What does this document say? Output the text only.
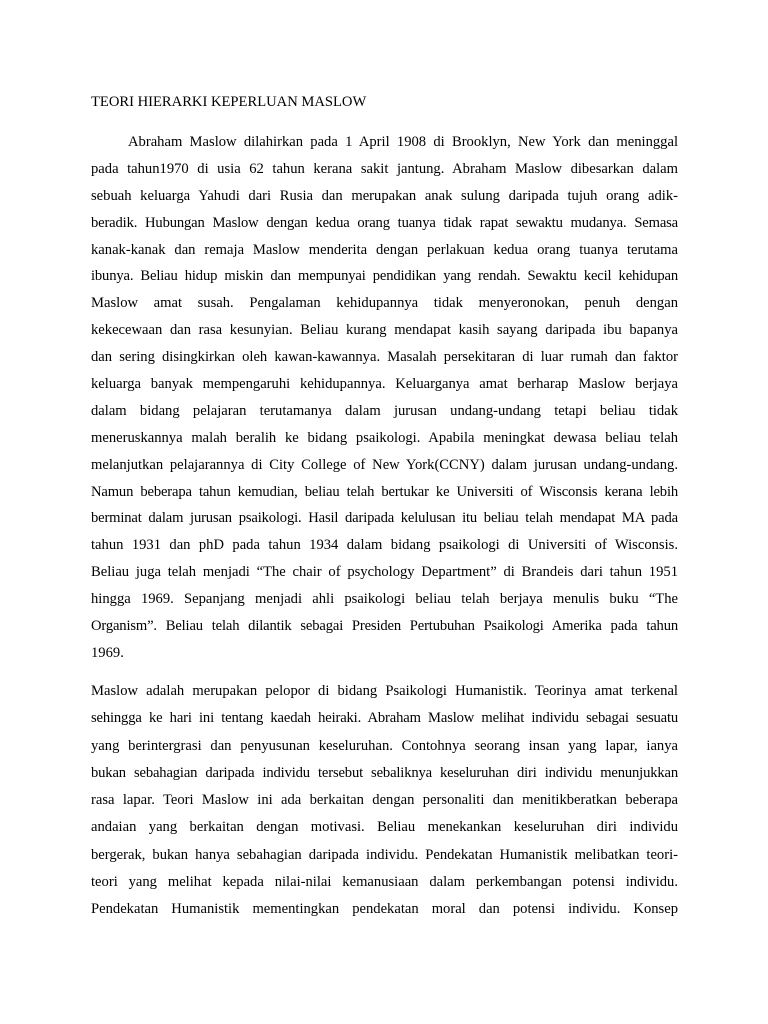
TEORI HIERARKI KEPERLUAN MASLOW
Abraham Maslow dilahirkan pada 1 April 1908 di Brooklyn, New York dan meninggal
pada tahun1970 di usia 62 tahun kerana sakit jantung. Abraham Maslow dibesarkan dalam
sebuah keluarga Yahudi dari Rusia dan merupakan anak sulung daripada tujuh orang adik-
beradik. Hubungan Maslow dengan kedua orang tuanya tidak rapat sewaktu mudanya. Semasa
kanak-kanak dan remaja Maslow menderita dengan perlakuan kedua orang tuanya terutama
ibunya. Beliau hidup miskin dan mempunyai pendidikan yang rendah. Sewaktu kecil kehidupan
Maslow amat susah. Pengalaman kehidupannya tidak menyeronokan, penuh dengan
kekecewaan dan rasa kesunyian. Beliau kurang mendapat kasih sayang daripada ibu bapanya
dan sering disingkirkan oleh kawan-kawannya. Masalah persekitaran di luar rumah dan faktor
keluarga banyak mempengaruhi kehidupannya. Keluarganya amat berharap Maslow berjaya
dalam bidang pelajaran terutamanya dalam jurusan undang-undang tetapi beliau tidak
meneruskannya malah beralih ke bidang psaikologi. Apabila meningkat dewasa beliau telah
melanjutkan pelajarannya di City College of New York(CCNY) dalam jurusan undang-undang.
Namun beberapa tahun kemudian, beliau telah bertukar ke Universiti of Wisconsis kerana lebih
berminat dalam jurusan psaikologi. Hasil daripada kelulusan itu beliau telah mendapat MA pada
tahun 1931 dan phD pada tahun 1934 dalam bidang psaikologi di Universiti of Wisconsis.
Beliau juga telah menjadi “The chair of psychology Department” di Brandeis dari tahun 1951
hingga 1969. Sepanjang menjadi ahli psaikologi beliau telah berjaya menulis buku “The
Organism”. Beliau telah dilantik sebagai Presiden Pertubuhan Psaikologi Amerika pada tahun
1969.
Maslow adalah merupakan pelopor di bidang Psaikologi Humanistik. Teorinya amat terkenal
sehingga ke hari ini tentang kaedah heiraki. Abraham Maslow melihat individu sebagai sesuatu
yang berintergrasi dan penyusunan keseluruhan. Contohnya seorang insan yang lapar, ianya
bukan sebahagian daripada individu tersebut sebaliknya keseluruhan diri individu menunjukkan
rasa lapar. Teori Maslow ini ada berkaitan dengan personaliti dan menitikberatkan beberapa
andaian yang berkaitan dengan motivasi. Beliau menekankan keseluruhan diri individu
bergerak, bukan hanya sebahagian daripada individu. Pendekatan Humanistik melibatkan teori-
teori yang melihat kepada nilai-nilai kemanusiaan dalam perkembangan potensi individu.
Pendekatan Humanistik mementingkan pendekatan moral dan potensi individu. Konsep
